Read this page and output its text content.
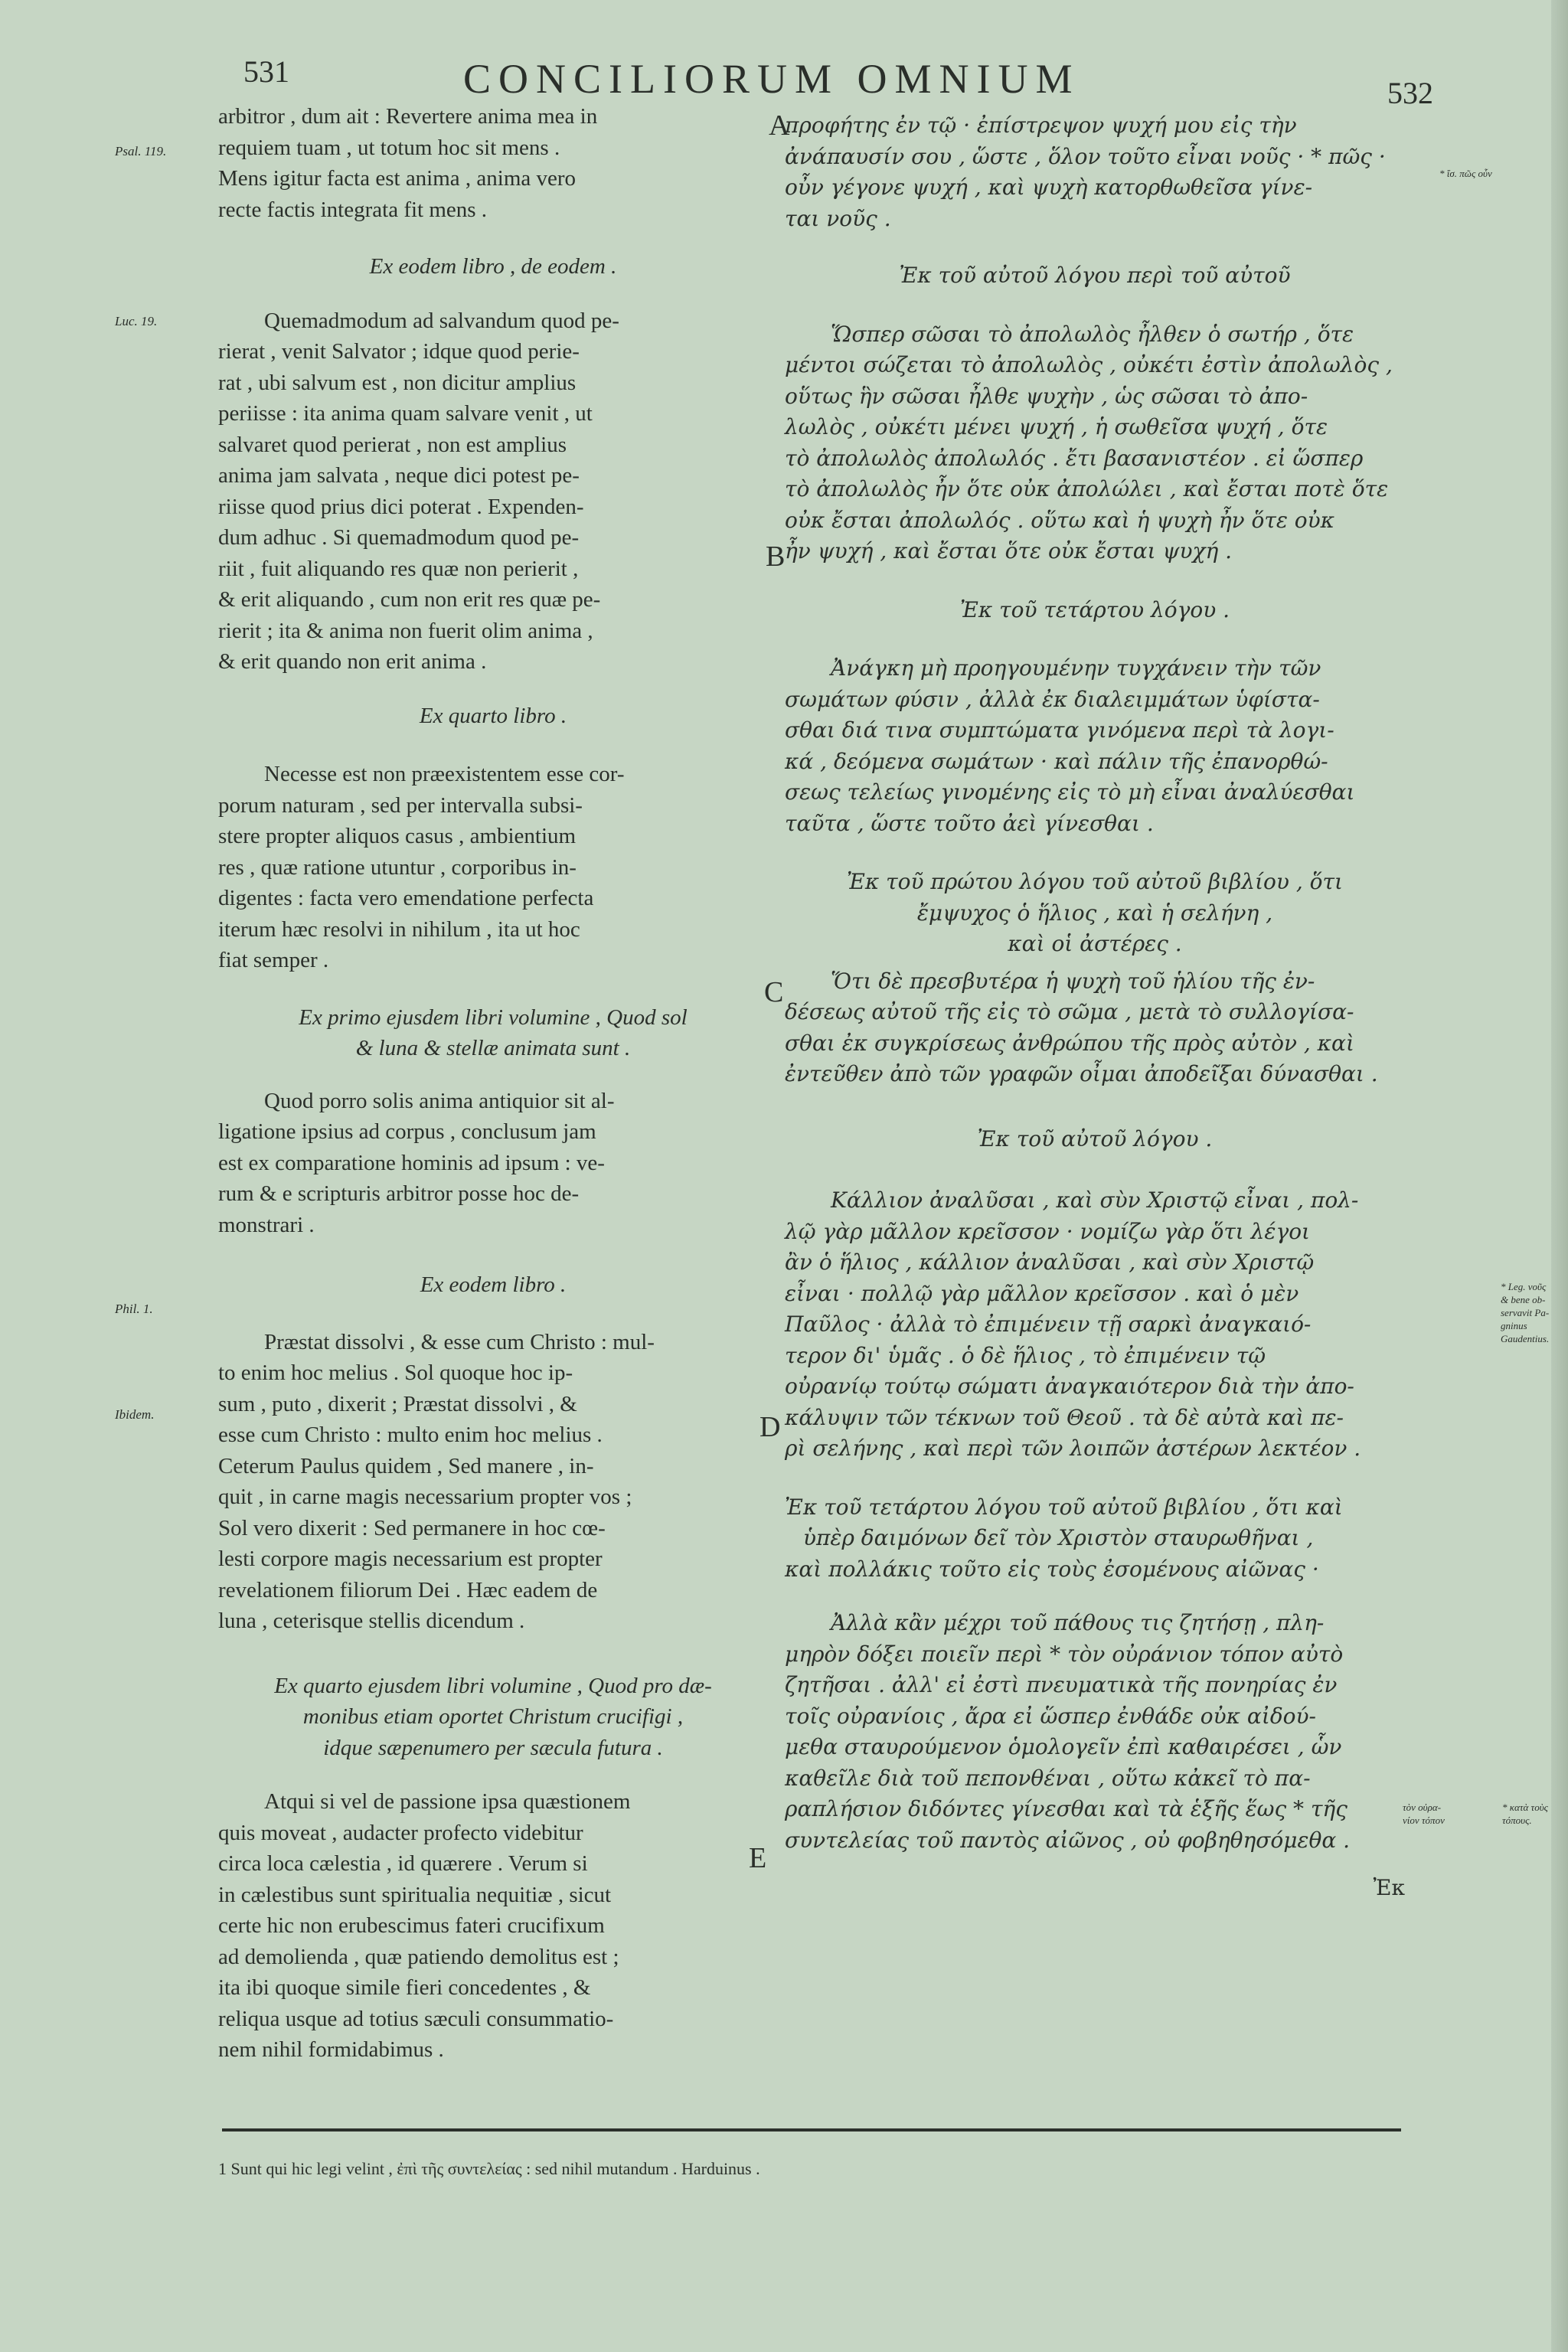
531	CONCILIORUM OMNIUM	532
Psal. 119.
Luc. 19.
Phil. 1.
Ibidem.
A
B
C
D
E
* ἴσ. πῶς οὖν
* Leg. νοῦς
& bene ob-
servavit Pa-
gninus
Gaudentius.
* κατὰ τοὺς
τόπους.
τὸν οὐρα-
νίον τόπον

arbitror , dum ait : Revertere anima mea in
requiem tuam , ut totum hoc sit mens .
Mens igitur facta est anima , anima vero
recte factis integrata fit mens .

Ex eodem libro , de eodem .

Quemadmodum ad salvandum quod pe-
rierat , venit Salvator ; idque quod perie-
rat , ubi salvum est , non dicitur amplius
periisse : ita anima quam salvare venit , ut
salvaret quod perierat , non est amplius
anima jam salvata , neque dici potest pe-
riisse quod prius dici poterat . Expenden-
dum adhuc . Si quemadmodum quod pe-
riit , fuit aliquando res quæ non perierit ,
& erit aliquando , cum non erit res quæ pe-
rierit ; ita & anima non fuerit olim anima ,
& erit quando non erit anima .

Ex quarto libro .

Necesse est non præexistentem esse cor-
porum naturam , sed per intervalla subsi-
stere propter aliquos casus , ambientium
res , quæ ratione utuntur , corporibus in-
digentes : facta vero emendatione perfecta
iterum hæc resolvi in nihilum , ita ut hoc
fiat semper .

Ex primo ejusdem libri volumine , Quod sol
& luna & stellæ animata sunt .

Quod porro solis anima antiquior sit al-
ligatione ipsius ad corpus , conclusum jam
est ex comparatione hominis ad ipsum : ve-
rum & e scripturis arbitror posse hoc de-
monstrari .

Ex eodem libro .

Præstat dissolvi , & esse cum Christo : mul-
to enim hoc melius . Sol quoque hoc ip-
sum , puto , dixerit ; Præstat dissolvi , &
esse cum Christo : multo enim hoc melius .
Ceterum Paulus quidem , Sed manere , in-
quit , in carne magis necessarium propter vos ;
Sol vero dixerit : Sed permanere in hoc cœ-
lesti corpore magis necessarium est propter
revelationem filiorum Dei . Hæc eadem de
luna , ceterisque stellis dicendum .

Ex quarto ejusdem libri volumine , Quod pro dæ-
monibus etiam oportet Christum crucifigi ,
idque sæpenumero per sæcula futura .

Atqui si vel de passione ipsa quæstionem
quis moveat , audacter profecto videbitur
circa loca cælestia , id quærere . Verum si
in cælestibus sunt spiritualia nequitiæ , sicut
certe hic non erubescimus fateri crucifixum
ad demolienda , quæ patiendo demolitus est ;
ita ibi quoque simile fieri concedentes , &
reliqua usque ad totius sæculi consummatio-
nem nihil formidabimus .

προφήτης ἐν τῷ · ἐπίστρεψον ψυχή μου εἰς τὴν
ἀνάπαυσίν σου , ὥστε , ὅλον τοῦτο εἶναι νοῦς · * πῶς ·
οὖν γέγονε ψυχή , καὶ ψυχὴ κατορθωθεῖσα γίνε-
ται νοῦς .

Ἐκ τοῦ αὐτοῦ λόγου περὶ τοῦ αὐτοῦ

Ὥσπερ σῶσαι τὸ ἀπολωλὸς ἦλθεν ὁ σωτήρ , ὅτε
μέντοι σώζεται τὸ ἀπολωλὸς , οὐκέτι ἐστὶν ἀπολωλὸς ,
οὕτως ἣν σῶσαι ἦλθε ψυχὴν , ὡς σῶσαι τὸ ἀπο-
λωλὸς , οὐκέτι μένει ψυχή , ἡ σωθεῖσα ψυχή , ὅτε
τὸ ἀπολωλὸς ἀπολωλός . ἔτι βασανιστέον . εἰ ὥσπερ
τὸ ἀπολωλὸς ἦν ὅτε οὐκ ἀπολώλει , καὶ ἔσται ποτὲ ὅτε
οὐκ ἔσται ἀπολωλός . οὕτω καὶ ἡ ψυχὴ ἦν ὅτε οὐκ
ἦν ψυχή , καὶ ἔσται ὅτε οὐκ ἔσται ψυχή .

Ἐκ τοῦ τετάρτου λόγου .

Ἀνάγκη μὴ προηγουμένην τυγχάνειν τὴν τῶν
σωμάτων φύσιν , ἀλλὰ ἐκ διαλειμμάτων ὑφίστα-
σθαι διά τινα συμπτώματα γινόμενα περὶ τὰ λογι-
κά , δεόμενα σωμάτων · καὶ πάλιν τῆς ἐπανορθώ-
σεως τελείως γινομένης εἰς τὸ μὴ εἶναι ἀναλύεσθαι
ταῦτα , ὥστε τοῦτο ἀεὶ γίνεσθαι .

Ἐκ τοῦ πρώτου λόγου τοῦ αὐτοῦ βιβλίου , ὅτι
ἔμψυχος ὁ ἥλιος , καὶ ἡ σελήνη ,
καὶ οἱ ἀστέρες .

Ὅτι δὲ πρεσβυτέρα ἡ ψυχὴ τοῦ ἡλίου τῆς ἐν-
δέσεως αὐτοῦ τῆς εἰς τὸ σῶμα , μετὰ τὸ συλλογίσα-
σθαι ἐκ συγκρίσεως ἀνθρώπου τῆς πρὸς αὐτὸν , καὶ
ἐντεῦθεν ἀπὸ τῶν γραφῶν οἶμαι ἀποδεῖξαι δύνασθαι .

Ἐκ τοῦ αὐτοῦ λόγου .

Κάλλιον ἀναλῦσαι , καὶ σὺν Χριστῷ εἶναι , πολ-
λῷ γὰρ μᾶλλον κρεῖσσον · νομίζω γὰρ ὅτι λέγοι
ἂν ὁ ἥλιος , κάλλιον ἀναλῦσαι , καὶ σὺν Χριστῷ
εἶναι · πολλῷ γὰρ μᾶλλον κρεῖσσον . καὶ ὁ μὲν
Παῦλος · ἀλλὰ τὸ ἐπιμένειν τῇ σαρκὶ ἀναγκαιό-
τερον δι' ὑμᾶς . ὁ δὲ ἥλιος , τὸ ἐπιμένειν τῷ
οὐρανίῳ τούτῳ σώματι ἀναγκαιότερον διὰ τὴν ἀπο-
κάλυψιν τῶν τέκνων τοῦ Θεοῦ . τὰ δὲ αὐτὰ καὶ πε-
ρὶ σελήνης , καὶ περὶ τῶν λοιπῶν ἀστέρων λεκτέον .

Ἐκ τοῦ τετάρτου λόγου τοῦ αὐτοῦ βιβλίου , ὅτι καὶ
ὑπὲρ δαιμόνων δεῖ τὸν Χριστὸν σταυρωθῆναι ,
καὶ πολλάκις τοῦτο εἰς τοὺς ἐσομένους αἰῶνας ·

Ἀλλὰ κἂν μέχρι τοῦ πάθους τις ζητήσῃ , πλη-
μηρὸν δόξει ποιεῖν περὶ * τὸν οὐράνιον τόπον αὐτὸ
ζητῆσαι . ἀλλ' εἰ ἐστὶ πνευματικὰ τῆς πονηρίας ἐν
τοῖς οὐρανίοις , ἄρα εἰ ὥσπερ ἐνθάδε οὐκ αἰδού-
μεθα σταυρούμενον ὁμολογεῖν ἐπὶ καθαιρέσει , ὧν
καθεῖλε διὰ τοῦ πεπονθέναι , οὕτω κἀκεῖ τὸ πα-
ραπλήσιον διδόντες γίνεσθαι καὶ τὰ ἑξῆς ἕως * τῆς
συντελείας τοῦ παντὸς αἰῶνος , οὐ φοβηθησόμεθα .

Ἐκ

1 Sunt qui hic legi velint , ἐπὶ τῆς συντελείας : sed nihil mutandum . Harduinus .
